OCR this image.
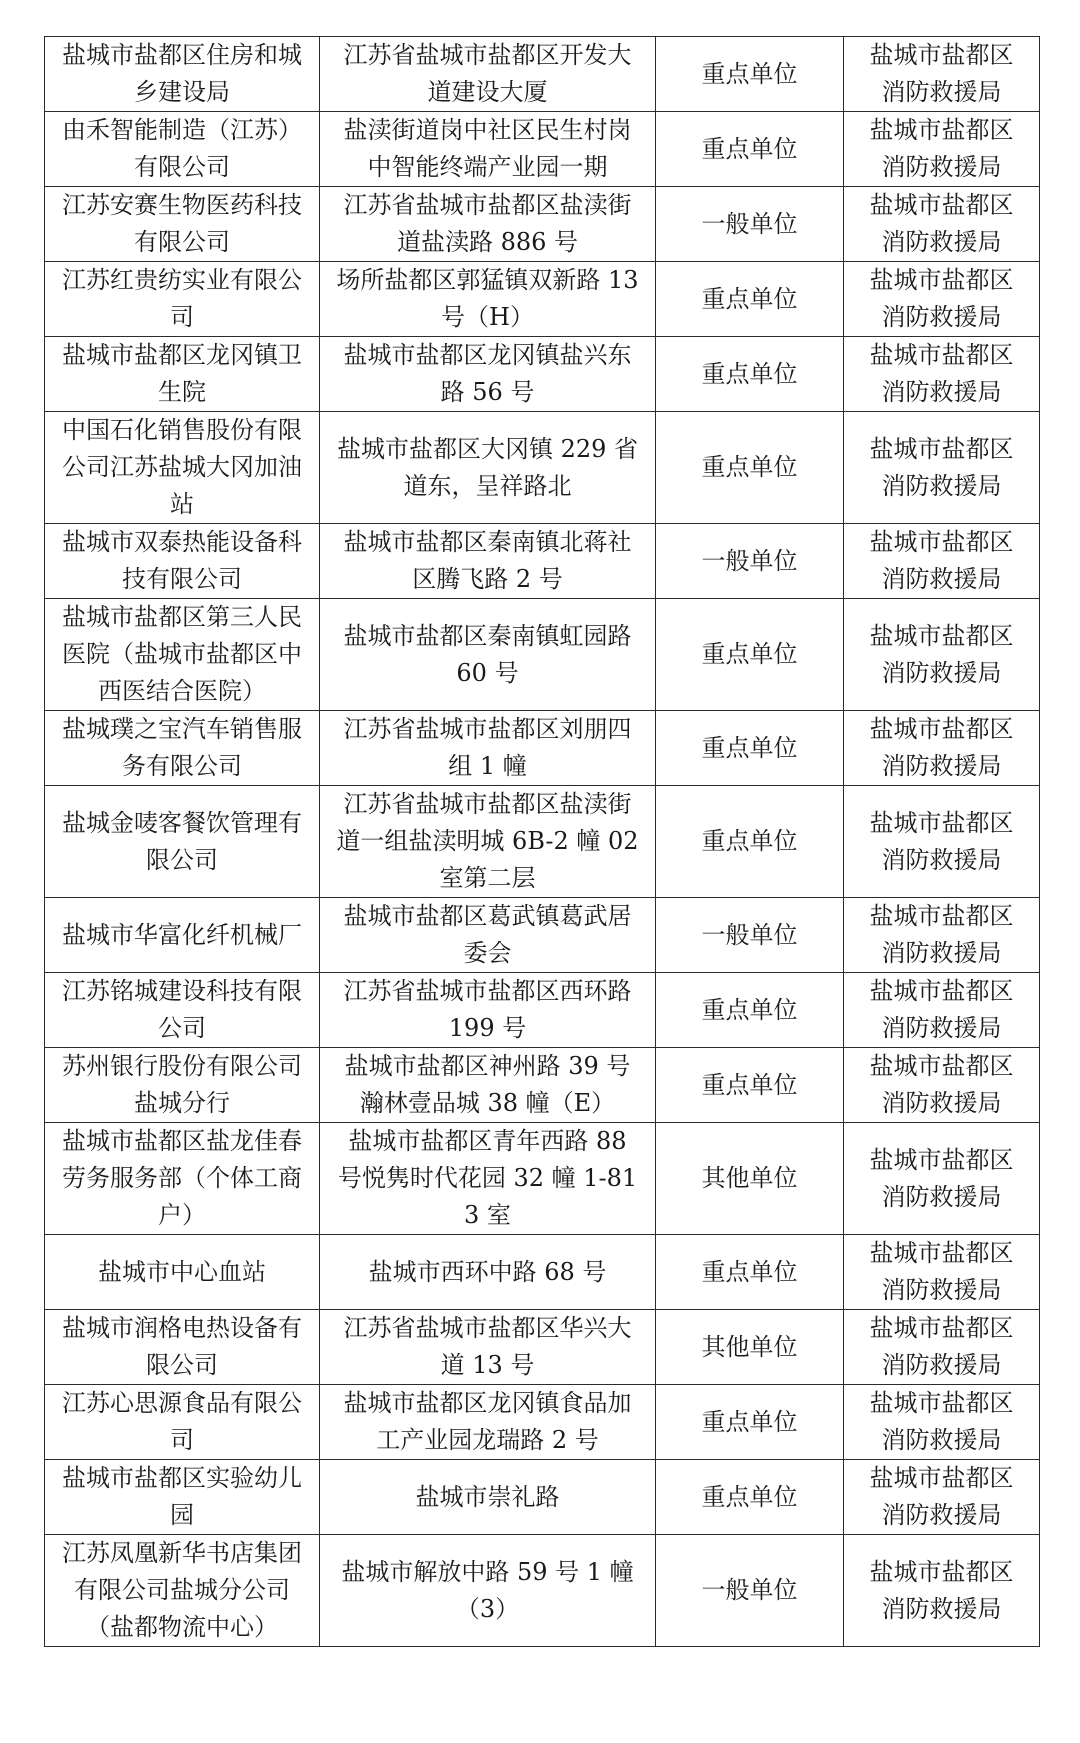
盐城市盐都区住房和城乡建设局	江苏省盐城市盐都区开发大道建设大厦	重点单位	盐城市盐都区消防救援局
由禾智能制造（江苏）有限公司	盐渎街道岗中社区民生村岗中智能终端产业园一期	重点单位	盐城市盐都区消防救援局
江苏安赛生物医药科技有限公司	江苏省盐城市盐都区盐渎街道盐渎路 886 号	一般单位	盐城市盐都区消防救援局
江苏红贵纺实业有限公司	场所盐都区郭猛镇双新路 13 号（H）	重点单位	盐城市盐都区消防救援局
盐城市盐都区龙冈镇卫生院	盐城市盐都区龙冈镇盐兴东路 56 号	重点单位	盐城市盐都区消防救援局
中国石化销售股份有限公司江苏盐城大冈加油站	盐城市盐都区大冈镇 229 省道东，呈祥路北	重点单位	盐城市盐都区消防救援局
盐城市双泰热能设备科技有限公司	盐城市盐都区秦南镇北蒋社区腾飞路 2 号	一般单位	盐城市盐都区消防救援局
盐城市盐都区第三人民医院（盐城市盐都区中西医结合医院）	盐城市盐都区秦南镇虹园路 60 号	重点单位	盐城市盐都区消防救援局
盐城璞之宝汽车销售服务有限公司	江苏省盐城市盐都区刘朋四组 1 幢	重点单位	盐城市盐都区消防救援局
盐城金唛客餐饮管理有限公司	江苏省盐城市盐都区盐渎街道一组盐渎明城 6B-2 幢 02 室第二层	重点单位	盐城市盐都区消防救援局
盐城市华富化纤机械厂	盐城市盐都区葛武镇葛武居委会	一般单位	盐城市盐都区消防救援局
江苏铭城建设科技有限公司	江苏省盐城市盐都区西环路 199 号	重点单位	盐城市盐都区消防救援局
苏州银行股份有限公司盐城分行	盐城市盐都区神州路 39 号瀚林壹品城 38 幢（E）	重点单位	盐城市盐都区消防救援局
盐城市盐都区盐龙佳春劳务服务部（个体工商户）	盐城市盐都区青年西路 88 号悦隽时代花园 32 幢 1-813 室	其他单位	盐城市盐都区消防救援局
盐城市中心血站	盐城市西环中路 68 号	重点单位	盐城市盐都区消防救援局
盐城市润格电热设备有限公司	江苏省盐城市盐都区华兴大道 13 号	其他单位	盐城市盐都区消防救援局
江苏心思源食品有限公司	盐城市盐都区龙冈镇食品加工产业园龙瑞路 2 号	重点单位	盐城市盐都区消防救援局
盐城市盐都区实验幼儿园	盐城市崇礼路	重点单位	盐城市盐都区消防救援局
江苏凤凰新华书店集团有限公司盐城分公司（盐都物流中心）	盐城市解放中路 59 号 1 幢（3）	一般单位	盐城市盐都区消防救援局
